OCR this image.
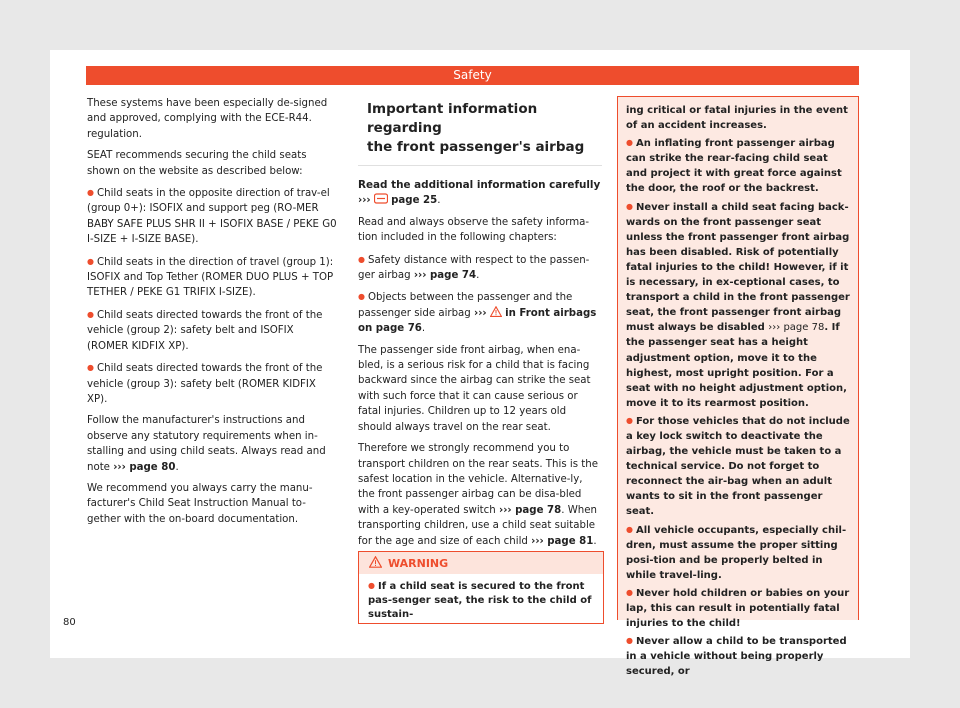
Safety

These systems have been especially de-signed and approved, complying with the ECE-R44. regulation.

SEAT recommends securing the child seats shown on the website as described below:

●Child seats in the opposite direction of trav-el (group 0+): ISOFIX and support peg (RO-MER BABY SAFE PLUS SHR II + ISOFIX BASE / PEKE G0 I-SIZE + I-SIZE BASE).

●Child seats in the direction of travel (group 1): ISOFIX and Top Tether (ROMER DUO PLUS + TOP TETHER / PEKE G1 TRIFIX I-SIZE).

●Child seats directed towards the front of the vehicle (group 2): safety belt and ISOFIX (ROMER KIDFIX XP).

●Child seats directed towards the front of the vehicle (group 3): safety belt (ROMER KIDFIX XP).

Follow the manufacturer's instructions and observe any statutory requirements when in-stalling and using child seats. Always read and note ››› page 80.

We recommend you always carry the manu-facturer's Child Seat Instruction Manual to-gether with the on-board documentation.

Important information regarding
the front passenger's airbag

Read the additional information carefully
››› page 25.

Read and always observe the safety informa-tion included in the following chapters:

●Safety distance with respect to the passen-ger airbag ››› page 74.

●Objects between the passenger and the passenger side airbag ››› in Front airbags on page 76.

The passenger side front airbag, when ena-bled, is a serious risk for a child that is facing backward since the airbag can strike the seat with such force that it can cause serious or fatal injuries. Children up to 12 years old should always travel on the rear seat.

Therefore we strongly recommend you to transport children on the rear seats. This is the safest location in the vehicle. Alternative-ly, the front passenger airbag can be disa-bled with a key-operated switch ››› page 78. When transporting children, use a child seat suitable for the age and size of each child ››› page 81.

WARNING
●If a child seat is secured to the front pas-senger seat, the risk to the child of sustain-

ing critical or fatal injuries in the event of an accident increases.

●An inflating front passenger airbag can strike the rear-facing child seat and project it with great force against the door, the roof or the backrest.

●Never install a child seat facing back-wards on the front passenger seat unless the front passenger front airbag has been disabled. Risk of potentially fatal injuries to the child! However, if it is necessary, in ex-ceptional cases, to transport a child in the front passenger seat, the front passenger front airbag must always be disabled ››› page 78. If the passenger seat has a height adjustment option, move it to the highest, most upright position. For a seat with no height adjustment option, move it to its rearmost position.

●For those vehicles that do not include a key lock switch to deactivate the airbag, the vehicle must be taken to a technical service. Do not forget to reconnect the air-bag when an adult wants to sit in the front passenger seat.

●All vehicle occupants, especially chil-dren, must assume the proper sitting posi-tion and be properly belted in while travel-ling.

●Never hold children or babies on your lap, this can result in potentially fatal injuries to the child!

●Never allow a child to be transported in a vehicle without being properly secured, or

80
